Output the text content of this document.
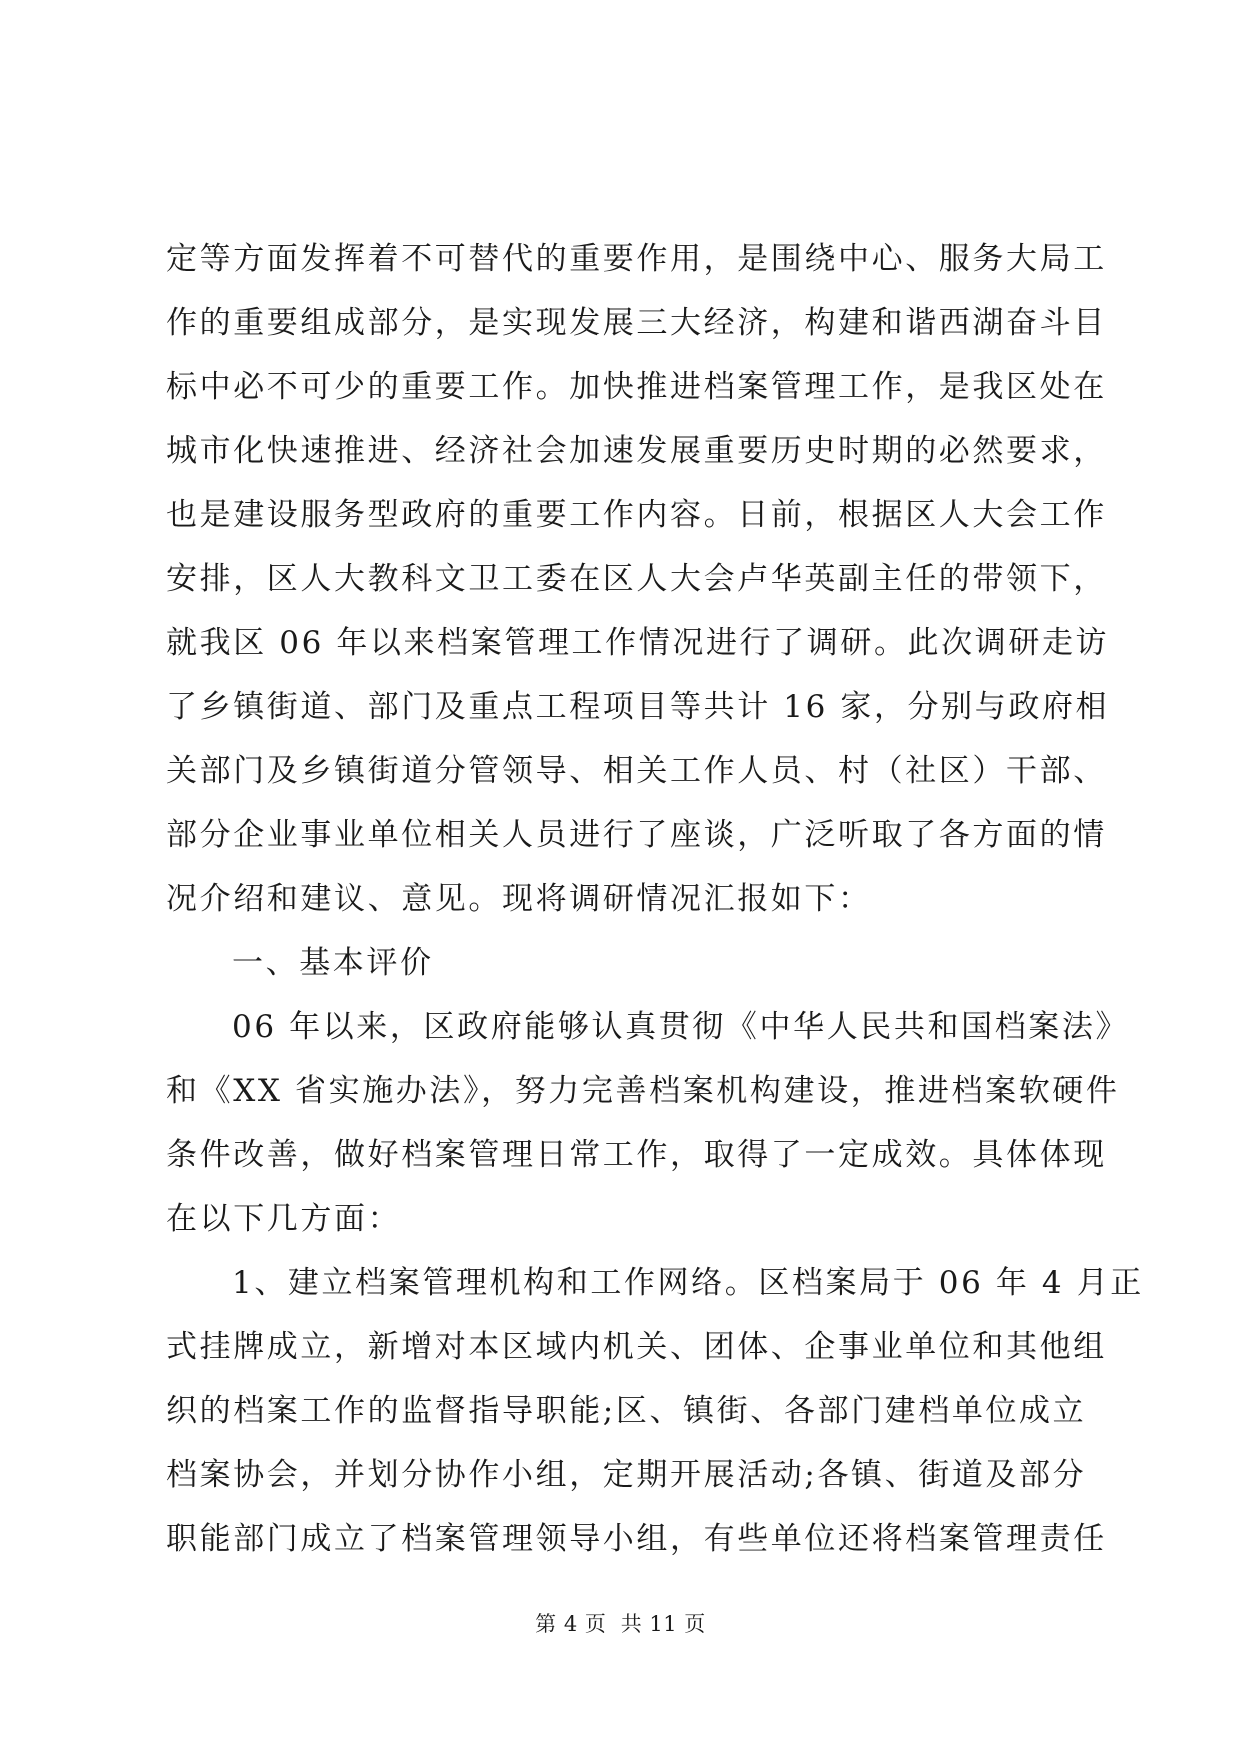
定等方面发挥着不可替代的重要作用，是围绕中心、服务大局工
作的重要组成部分，是实现发展三大经济，构建和谐西湖奋斗目
标中必不可少的重要工作。加快推进档案管理工作，是我区处在
城市化快速推进、经济社会加速发展重要历史时期的必然要求，
也是建设服务型政府的重要工作内容。日前，根据区人大会工作
安排，区人大教科文卫工委在区人大会卢华英副主任的带领下，
就我区 06 年以来档案管理工作情况进行了调研。此次调研走访
了乡镇街道、部门及重点工程项目等共计 16 家，分别与政府相
关部门及乡镇街道分管领导、相关工作人员、村（社区）干部、
部分企业事业单位相关人员进行了座谈，广泛听取了各方面的情
况介绍和建议、意见。现将调研情况汇报如下：
一、基本评价
06 年以来，区政府能够认真贯彻《中华人民共和国档案法》
和《XX 省实施办法》，努力完善档案机构建设，推进档案软硬件
条件改善，做好档案管理日常工作，取得了一定成效。具体体现
在以下几方面：
1、建立档案管理机构和工作网络。区档案局于 06 年 4 月正
式挂牌成立，新增对本区域内机关、团体、企事业单位和其他组
织的档案工作的监督指导职能;区、镇街、各部门建档单位成立
档案协会，并划分协作小组，定期开展活动;各镇、街道及部分
职能部门成立了档案管理领导小组，有些单位还将档案管理责任
第 4 页  共 11 页
